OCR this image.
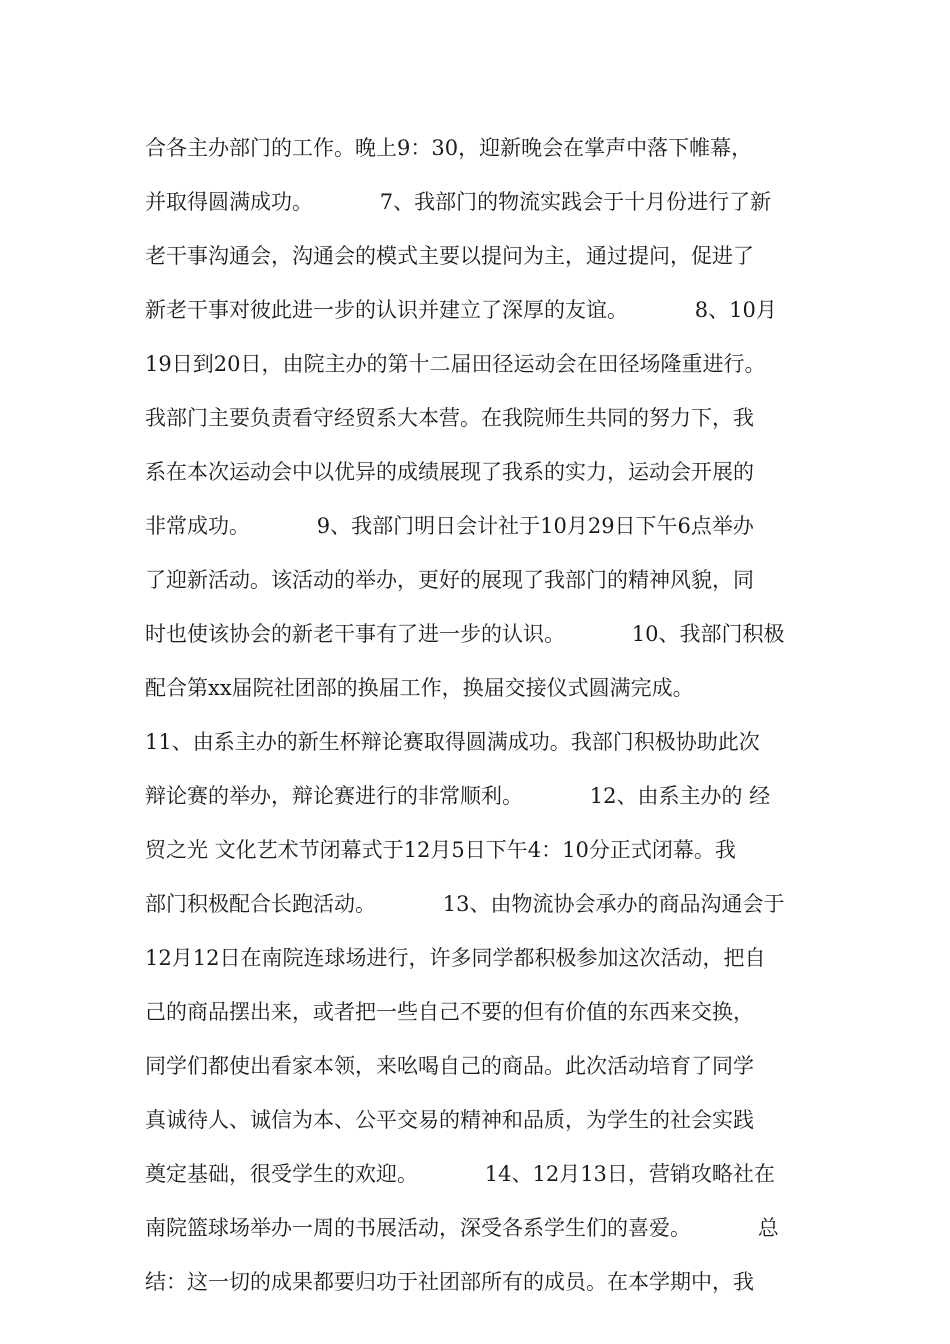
合各主办部门的工作。晚上9：30，迎新晚会在掌声中落下帷幕，
并取得圆满成功。          7、我部门的物流实践会于十月份进行了新
老干事沟通会，沟通会的模式主要以提问为主，通过提问，促进了
新老干事对彼此进一步的认识并建立了深厚的友谊。          8、10月
19日到20日，由院主办的第十二届田径运动会在田径场隆重进行。
我部门主要负责看守经贸系大本营。在我院师生共同的努力下，我
系在本次运动会中以优异的成绩展现了我系的实力，运动会开展的
非常成功。          9、我部门明日会计社于10月29日下午6点举办
了迎新活动。该活动的举办，更好的展现了我部门的精神风貌，同
时也使该协会的新老干事有了进一步的认识。          10、我部门积极
配合第xx届院社团部的换届工作，换届交接仪式圆满完成。
11、由系主办的新生杯辩论赛取得圆满成功。我部门积极协助此次
辩论赛的举办，辩论赛进行的非常顺利。          12、由系主办的 经
贸之光 文化艺术节闭幕式于12月5日下午4：10分正式闭幕。我
部门积极配合长跑活动。          13、由物流协会承办的商品沟通会于
12月12日在南院连球场进行，许多同学都积极参加这次活动，把自
己的商品摆出来，或者把一些自己不要的但有价值的东西来交换，
同学们都使出看家本领，来吆喝自己的商品。此次活动培育了同学
真诚待人、诚信为本、公平交易的精神和品质，为学生的社会实践
奠定基础，很受学生的欢迎。          14、12月13日，营销攻略社在
南院篮球场举办一周的书展活动，深受各系学生们的喜爱。          总
结：这一切的成果都要归功于社团部所有的成员。在本学期中，我
